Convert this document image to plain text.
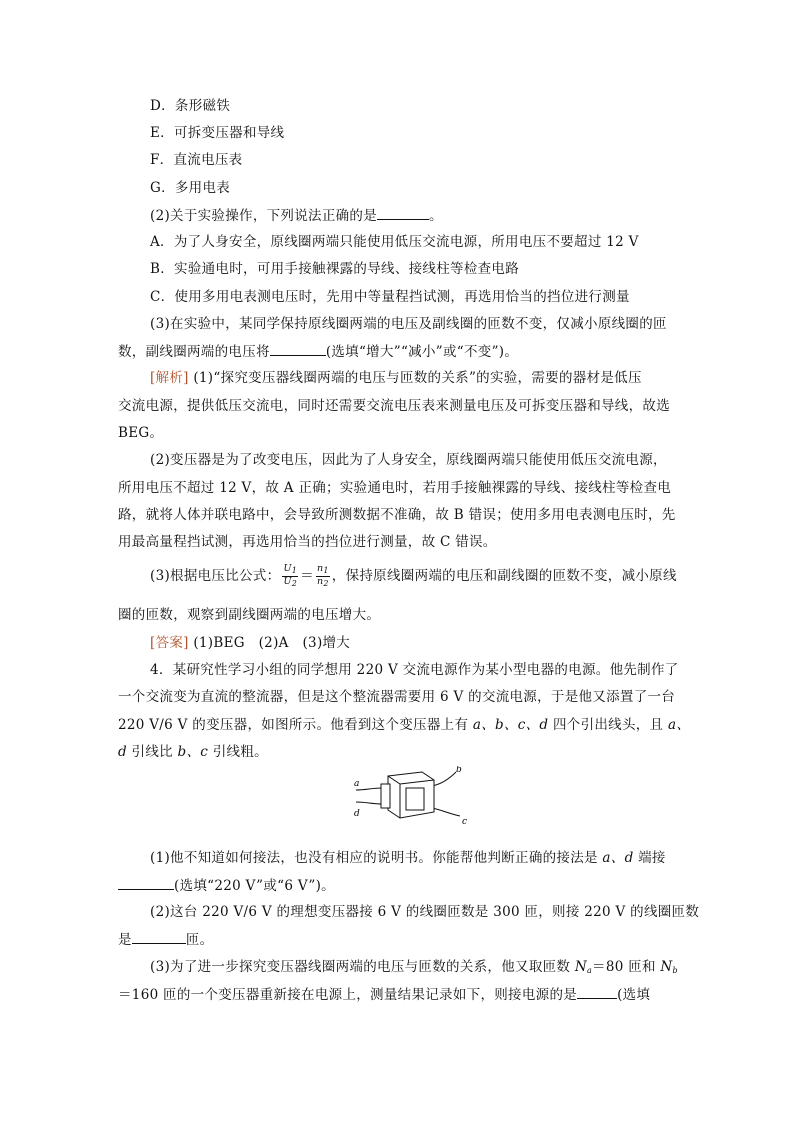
D．条形磁铁
E．可拆变压器和导线
F．直流电压表
G．多用电表
(2)关于实验操作，下列说法正确的是	。
A．为了人身安全，原线圈两端只能使用低压交流电源，所用电压不要超过 12 V
B．实验通电时，可用手接触裸露的导线、接线柱等检查电路
C．使用多用电表测电压时，先用中等量程挡试测，再选用恰当的挡位进行测量
(3)在实验中，某同学保持原线圈两端的电压及副线圈的匝数不变，仅减小原线圈的匝
数，副线圈两端的电压将	(选填“增大”“减小”或“不变”)。
[解析] (1)“探究变压器线圈两端的电压与匝数的关系”的实验，需要的器材是低压
交流电源，提供低压交流电，同时还需要交流电压表来测量电压及可拆变压器和导线，故选
BEG。
(2)变压器是为了改变电压，因此为了人身安全，原线圈两端只能使用低压交流电源，
所用电压不超过 12 V，故 A 正确；实验通电时，若用手接触裸露的导线、接线柱等检查电
路，就将人体并联电路中，会导致所测数据不准确，故 B 错误；使用多用电表测电压时，先
用最高量程挡试测，再选用恰当的挡位进行测量，故 C 错误。
(3)根据电压比公式： $\frac{U_1}{U_2} = \frac{n_1}{n_2}$ ，保持原线圈两端的电压和副线圈的匝数不变，减小原线
圈的匝数，观察到副线圈两端的电压增大。
[答案] (1)BEG　(2)A　(3)增大
4．某研究性学习小组的同学想用 220 V 交流电源作为某小型电器的电源。他先制作了
一个交流变为直流的整流器，但是这个整流器需要用 6 V 的交流电源，于是他又添置了一台
220 V/6 V 的变压器，如图所示。他看到这个变压器上有 a、b、c、d 四个引出线头，且 a、
d 引线比 b、c 引线粗。
a
d
b
c
(1)他不知道如何接法，也没有相应的说明书。你能帮他判断正确的接法是 a、d 端接
(选填“220 V”或“6 V”)。
(2)这台 220 V/6 V 的理想变压器接 6 V 的线圈匝数是 300 匝，则接 220 V 的线圈匝数
是	匝。
(3)为了进一步探究变压器线圈两端的电压与匝数的关系，他又取匝数 $N_a=80$ 匝和 $N_b$
＝160 匝的一个变压器重新接在电源上，测量结果记录如下，则接电源的是	(选填
